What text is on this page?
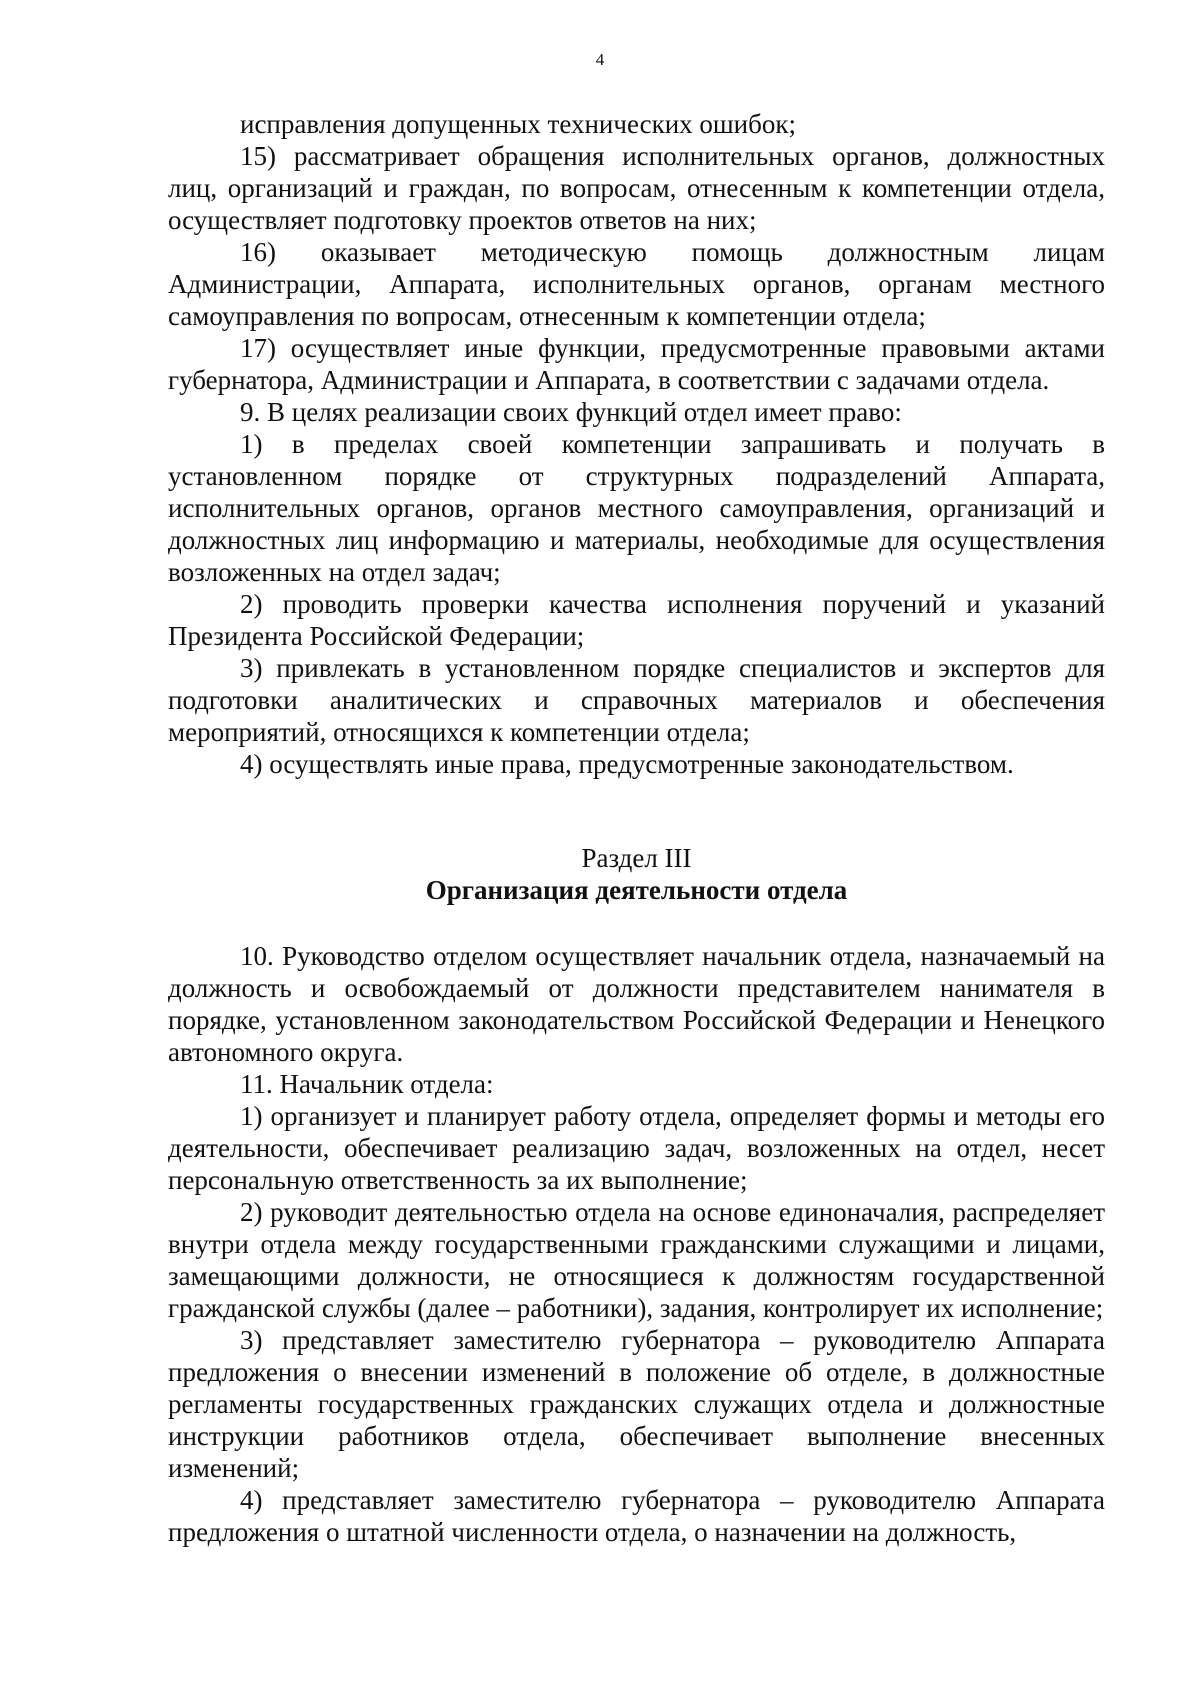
4

исправления допущенных технических ошибок;

15) рассматривает обращения исполнительных органов, должностных лиц, организаций и граждан, по вопросам, отнесенным к компетенции отдела, осуществляет подготовку проектов ответов на них;

16) оказывает методическую помощь должностным лицам Администрации, Аппарата, исполнительных органов, органам местного самоуправления по вопросам, отнесенным к компетенции отдела;

17) осуществляет иные функции, предусмотренные правовыми актами губернатора, Администрации и Аппарата, в соответствии с задачами отдела.

9. В целях реализации своих функций отдел имеет право:

1) в пределах своей компетенции запрашивать и получать в установленном порядке от структурных подразделений Аппарата, исполнительных органов, органов местного самоуправления, организаций и должностных лиц информацию и материалы, необходимые для осуществления возложенных на отдел задач;

2) проводить проверки качества исполнения поручений и указаний Президента Российской Федерации;

3) привлекать в установленном порядке специалистов и экспертов для подготовки аналитических и справочных материалов и обеспечения мероприятий, относящихся к компетенции отдела;

4) осуществлять иные права, предусмотренные законодательством.

Раздел III
Организация деятельности отдела

10. Руководство отделом осуществляет начальник отдела, назначаемый на должность и освобождаемый от должности представителем нанимателя в порядке, установленном законодательством Российской Федерации и Ненецкого автономного округа.

11. Начальник отдела:

1) организует и планирует работу отдела, определяет формы и методы его деятельности, обеспечивает реализацию задач, возложенных на отдел, несет персональную ответственность за их выполнение;

2) руководит деятельностью отдела на основе единоначалия, распределяет внутри отдела между государственными гражданскими служащими и лицами, замещающими должности, не относящиеся к должностям государственной гражданской службы (далее – работники), задания, контролирует их исполнение;

3) представляет заместителю губернатора – руководителю Аппарата предложения о внесении изменений в положение об отделе, в должностные регламенты государственных гражданских служащих отдела и должностные инструкции работников отдела, обеспечивает выполнение внесенных изменений;

4) представляет заместителю губернатора – руководителю Аппарата предложения о штатной численности отдела, о назначении на должность,
